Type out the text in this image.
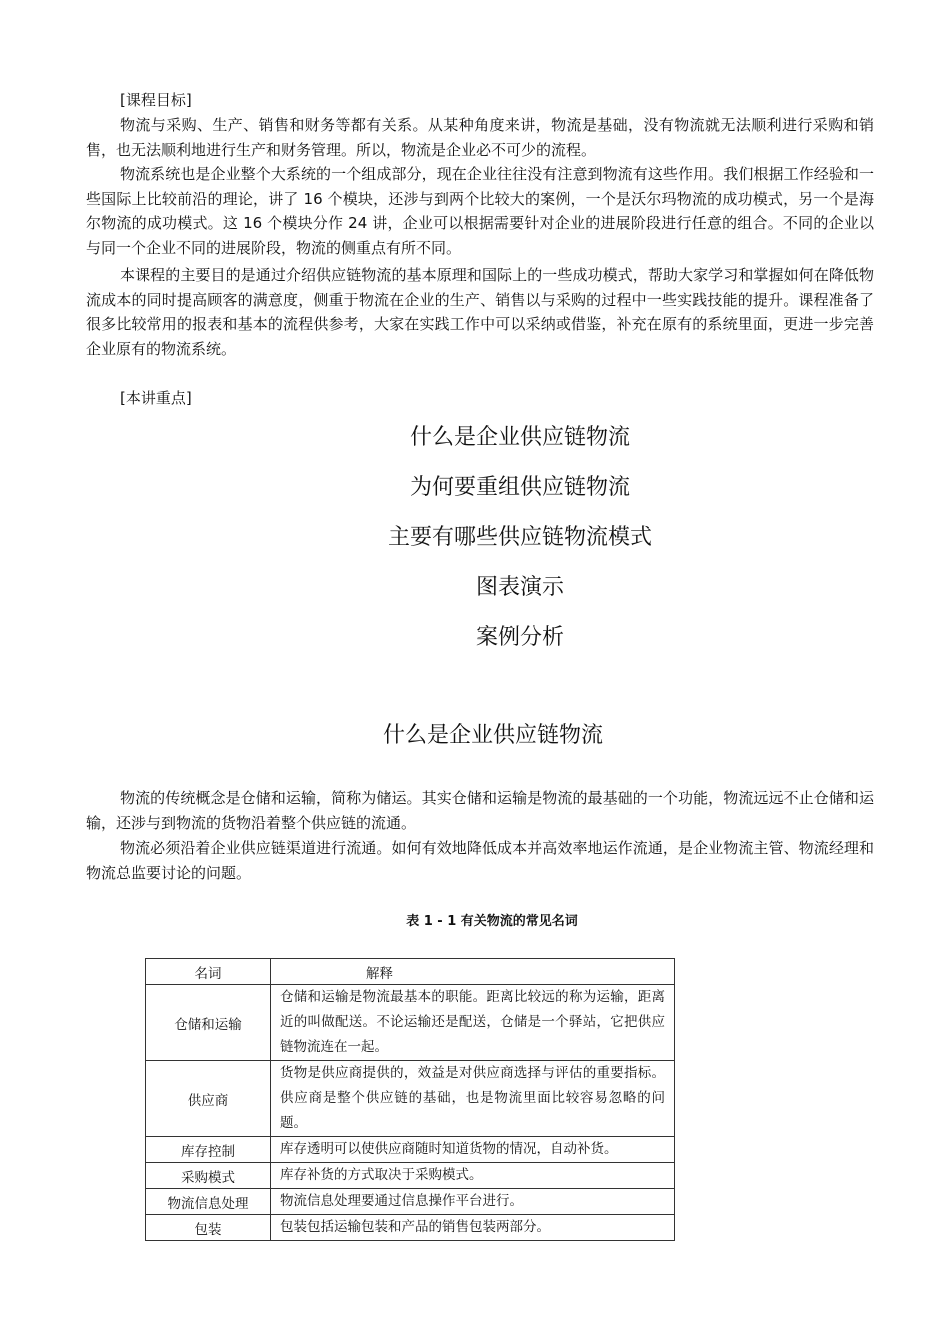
[课程目标]

物流与采购、生产、销售和财务等都有关系。从某种角度来讲，物流是基础，没有物流就无法顺利进行采购和销售，也无法顺利地进行生产和财务管理。所以，物流是企业必不可少的流程。

物流系统也是企业整个大系统的一个组成部分，现在企业往往没有注意到物流有这些作用。我们根据工作经验和一些国际上比较前沿的理论，讲了 16 个模块，还涉与到两个比较大的案例，一个是沃尔玛物流的成功模式，另一个是海尔物流的成功模式。这 16 个模块分作 24 讲，企业可以根据需要针对企业的进展阶段进行任意的组合。不同的企业以与同一个企业不同的进展阶段，物流的侧重点有所不同。

本课程的主要目的是通过介绍供应链物流的基本原理和国际上的一些成功模式，帮助大家学习和掌握如何在降低物流成本的同时提高顾客的满意度，侧重于物流在企业的生产、销售以与采购的过程中一些实践技能的提升。课程准备了很多比较常用的报表和基本的流程供参考，大家在实践工作中可以采纳或借鉴，补充在原有的系统里面，更进一步完善企业原有的物流系统。

[本讲重点]
什么是企业供应链物流
为何要重组供应链物流
主要有哪些供应链物流模式
图表演示
案例分析
什么是企业供应链物流

物流的传统概念是仓储和运输，简称为储运。其实仓储和运输是物流的最基础的一个功能，物流远远不止仓储和运输，还涉与到物流的货物沿着整个供应链的流通。

物流必须沿着企业供应链渠道进行流通。如何有效地降低成本并高效率地运作流通，是企业物流主管、物流经理和物流总监要讨论的问题。

表 1 - 1 有关物流的常见名词
名词	解释
仓储和运输	仓储和运输是物流最基本的职能。距离比较远的称为运输，距离近的叫做配送。不论运输还是配送，仓储是一个驿站，它把供应链物流连在一起。
供应商	货物是供应商提供的，效益是对供应商选择与评估的重要指标。供应商是整个供应链的基础，也是物流里面比较容易忽略的问题。
库存控制	库存透明可以使供应商随时知道货物的情况，自动补货。
采购模式	库存补货的方式取决于采购模式。
物流信息处理	物流信息处理要通过信息操作平台进行。
包装	包装包括运输包装和产品的销售包装两部分。
